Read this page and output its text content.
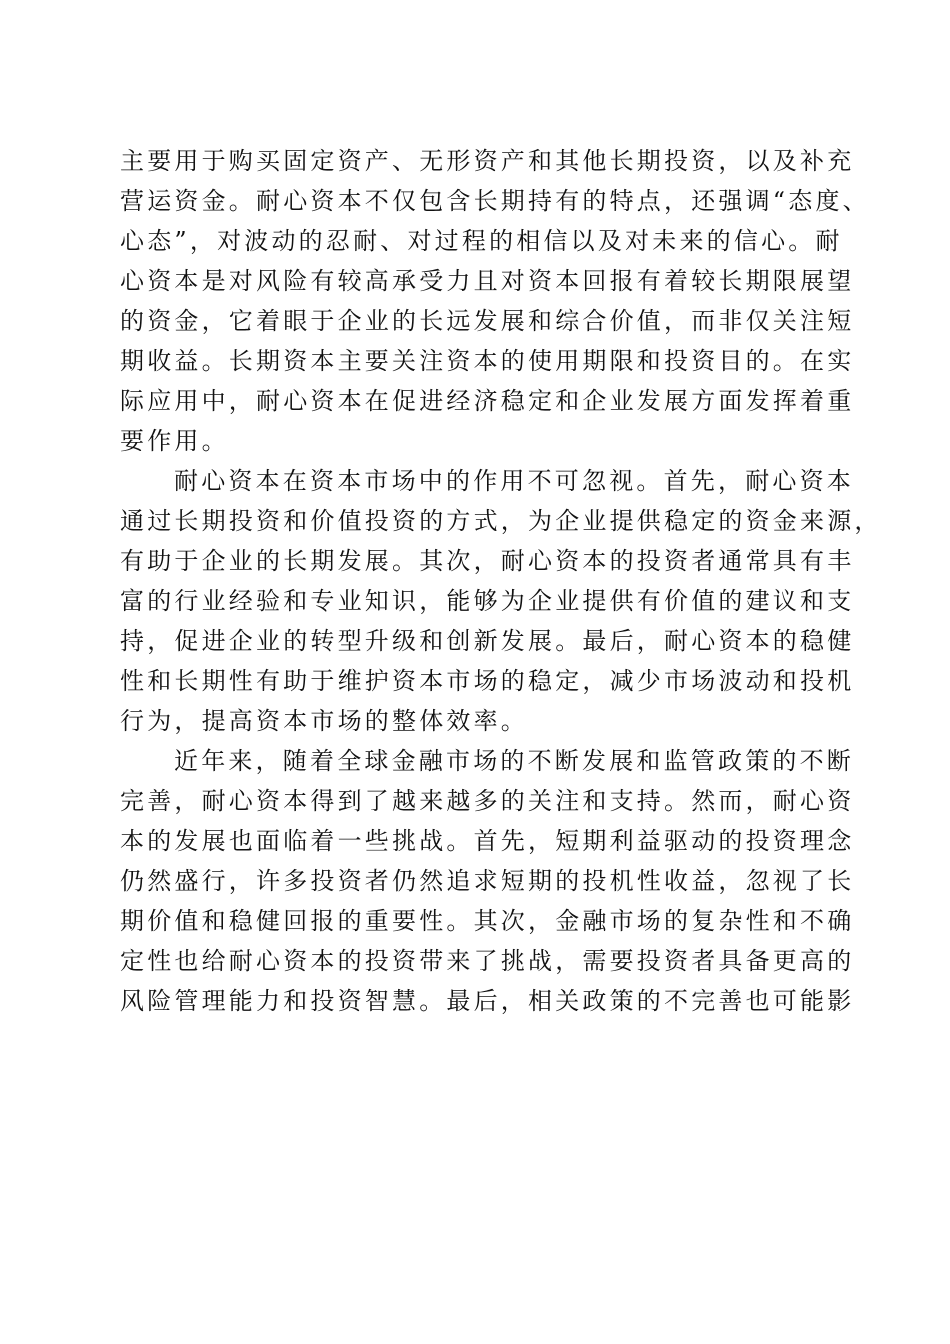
主要用于购买固定资产、无形资产和其他长期投资，以及补充
营运资金。耐心资本不仅包含长期持有的特点，还强调“态度、
心态”，对波动的忍耐、对过程的相信以及对未来的信心。耐
心资本是对风险有较高承受力且对资本回报有着较长期限展望
的资金，它着眼于企业的长远发展和综合价值，而非仅关注短
期收益。长期资本主要关注资本的使用期限和投资目的。在实
际应用中，耐心资本在促进经济稳定和企业发展方面发挥着重
要作用。
耐心资本在资本市场中的作用不可忽视。首先，耐心资本
通过长期投资和价值投资的方式，为企业提供稳定的资金来源，
有助于企业的长期发展。其次，耐心资本的投资者通常具有丰
富的行业经验和专业知识，能够为企业提供有价值的建议和支
持，促进企业的转型升级和创新发展。最后，耐心资本的稳健
性和长期性有助于维护资本市场的稳定，减少市场波动和投机
行为，提高资本市场的整体效率。
近年来，随着全球金融市场的不断发展和监管政策的不断
完善，耐心资本得到了越来越多的关注和支持。然而，耐心资
本的发展也面临着一些挑战。首先，短期利益驱动的投资理念
仍然盛行，许多投资者仍然追求短期的投机性收益，忽视了长
期价值和稳健回报的重要性。其次，金融市场的复杂性和不确
定性也给耐心资本的投资带来了挑战，需要投资者具备更高的
风险管理能力和投资智慧。最后，相关政策的不完善也可能影
